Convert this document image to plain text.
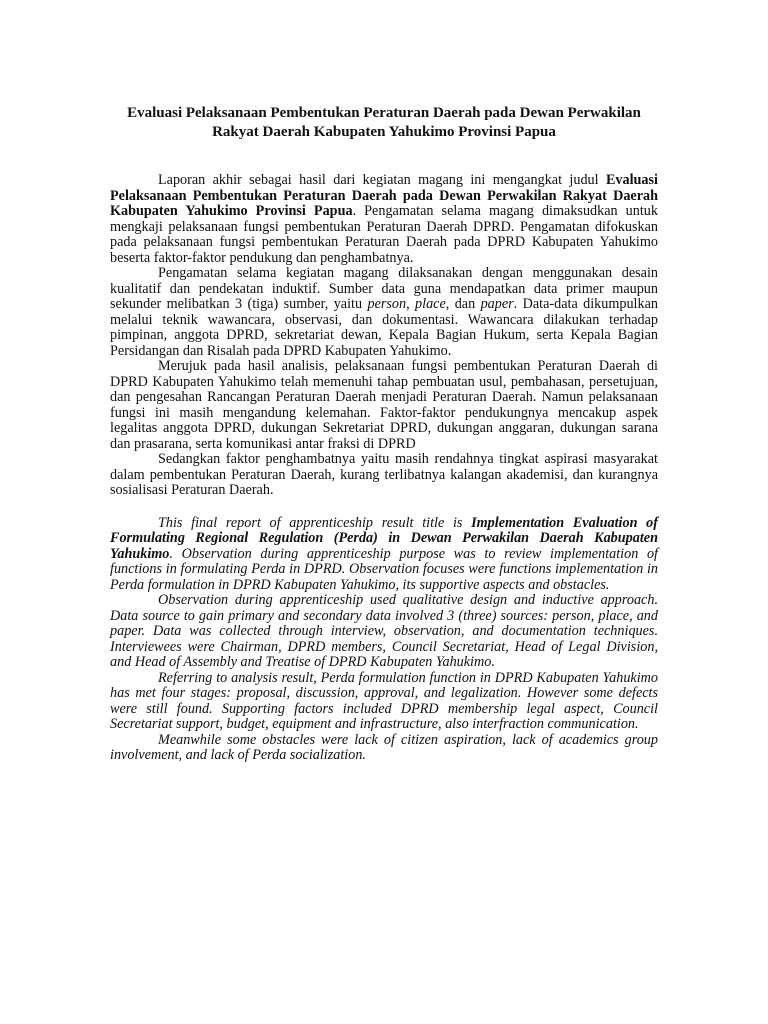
Evaluasi Pelaksanaan Pembentukan Peraturan Daerah pada Dewan Perwakilan
Rakyat Daerah Kabupaten Yahukimo Provinsi Papua

Laporan akhir sebagai hasil dari kegiatan magang ini mengangkat judul Evaluasi Pelaksanaan Pembentukan Peraturan Daerah pada Dewan Perwakilan Rakyat Daerah Kabupaten Yahukimo Provinsi Papua. Pengamatan selama magang dimaksudkan untuk mengkaji pelaksanaan fungsi pembentukan Peraturan Daerah DPRD. Pengamatan difokuskan pada pelaksanaan fungsi pembentukan Peraturan Daerah pada DPRD Kabupaten Yahukimo beserta faktor-faktor pendukung dan penghambatnya.

Pengamatan selama kegiatan magang dilaksanakan dengan menggunakan desain kualitatif dan pendekatan induktif. Sumber data guna mendapatkan data primer maupun sekunder melibatkan 3 (tiga) sumber, yaitu person, place, dan paper. Data-data dikumpulkan melalui teknik wawancara, observasi, dan dokumentasi. Wawancara dilakukan terhadap pimpinan, anggota DPRD, sekretariat dewan, Kepala Bagian Hukum, serta Kepala Bagian Persidangan dan Risalah pada DPRD Kabupaten Yahukimo.

Merujuk pada hasil analisis, pelaksanaan fungsi pembentukan Peraturan Daerah di DPRD Kabupaten Yahukimo telah memenuhi tahap pembuatan usul, pembahasan, persetujuan, dan pengesahan Rancangan Peraturan Daerah menjadi Peraturan Daerah. Namun pelaksanaan fungsi ini masih mengandung kelemahan. Faktor-faktor pendukungnya mencakup aspek legalitas anggota DPRD, dukungan Sekretariat DPRD, dukungan anggaran, dukungan sarana dan prasarana, serta komunikasi antar fraksi di DPRD

Sedangkan faktor penghambatnya yaitu masih rendahnya tingkat aspirasi masyarakat dalam pembentukan Peraturan Daerah, kurang terlibatnya kalangan akademisi, dan kurangnya sosialisasi Peraturan Daerah.

This final report of apprenticeship result title is Implementation Evaluation of Formulating Regional Regulation (Perda) in Dewan Perwakilan Daerah Kabupaten Yahukimo. Observation during apprenticeship purpose was to review implementation of functions in formulating Perda in DPRD. Observation focuses were functions implementation in Perda formulation in DPRD Kabupaten Yahukimo, its supportive aspects and obstacles.

Observation during apprenticeship used qualitative design and inductive approach. Data source to gain primary and secondary data involved 3 (three) sources: person, place, and paper. Data was collected through interview, observation, and documentation techniques. Interviewees were Chairman, DPRD members, Council Secretariat, Head of Legal Division, and Head of Assembly and Treatise of DPRD Kabupaten Yahukimo.

Referring to analysis result, Perda formulation function in DPRD Kabupaten Yahukimo has met four stages: proposal, discussion, approval, and legalization. However some defects were still found. Supporting factors included DPRD membership legal aspect, Council Secretariat support, budget, equipment and infrastructure, also interfraction communication.

Meanwhile some obstacles were lack of citizen aspiration, lack of academics group involvement, and lack of Perda socialization.
